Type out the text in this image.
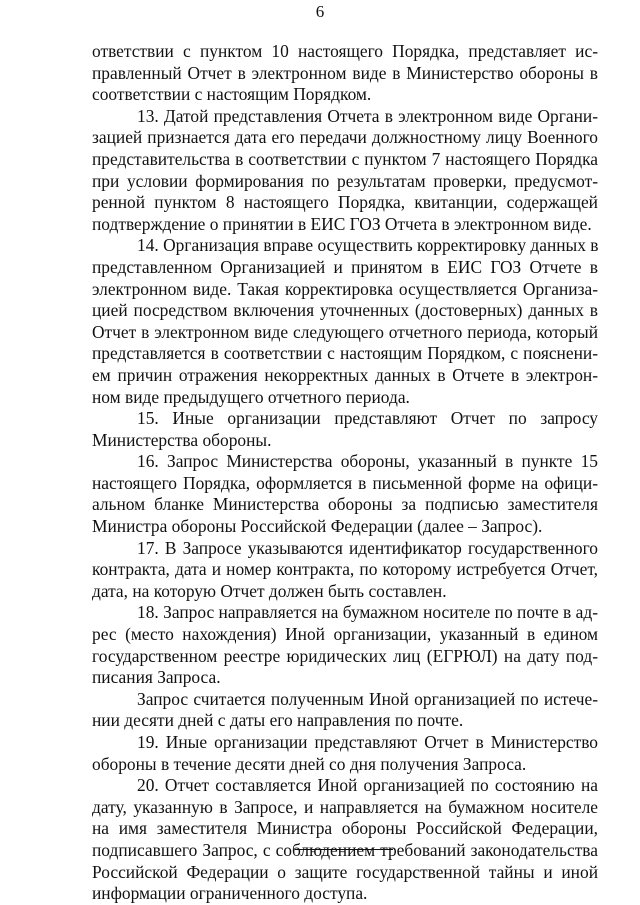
6
ответствии с пунктом 10 настоящего Порядка, представляет ис-
правленный Отчет в электронном виде в Министерство обороны в
соответствии с настоящим Порядком.
13. Датой представления Отчета в электронном виде Органи-
зацией признается дата его передачи должностному лицу Военного
представительства в соответствии с пунктом 7 настоящего Порядка
при условии формирования по результатам проверки, предусмот-
ренной пунктом 8 настоящего Порядка, квитанции, содержащей
подтверждение о принятии в ЕИС ГОЗ Отчета в электронном виде.
14. Организация вправе осуществить корректировку данных в
представленном Организацией и принятом в ЕИС ГОЗ Отчете в
электронном виде. Такая корректировка осуществляется Организа-
цией посредством включения уточненных (достоверных) данных в
Отчет в электронном виде следующего отчетного периода, который
представляется в соответствии с настоящим Порядком, с пояснени-
ем причин отражения некорректных данных в Отчете в электрон-
ном виде предыдущего отчетного периода.
15. Иные организации представляют Отчет по запросу
Министерства обороны.
16. Запрос Министерства обороны, указанный в пункте 15
настоящего Порядка, оформляется в письменной форме на офици-
альном бланке Министерства обороны за подписью заместителя
Министра обороны Российской Федерации (далее – Запрос).
17. В Запросе указываются идентификатор государственного
контракта, дата и номер контракта, по которому истребуется Отчет,
дата, на которую Отчет должен быть составлен.
18. Запрос направляется на бумажном носителе по почте в ад-
рес (место нахождения) Иной организации, указанный в едином
государственном реестре юридических лиц (ЕГРЮЛ) на дату под-
писания Запроса.
Запрос считается полученным Иной организацией по истече-
нии десяти дней с даты его направления по почте.
19. Иные организации представляют Отчет в Министерство
обороны в течение десяти дней со дня получения Запроса.
20. Отчет составляется Иной организацией по состоянию на
дату, указанную в Запросе, и направляется на бумажном носителе
на имя заместителя Министра обороны Российской Федерации,
подписавшего Запрос, с соблюдением требований законодательства
Российской Федерации о защите государственной тайны и иной
информации ограниченного доступа.
